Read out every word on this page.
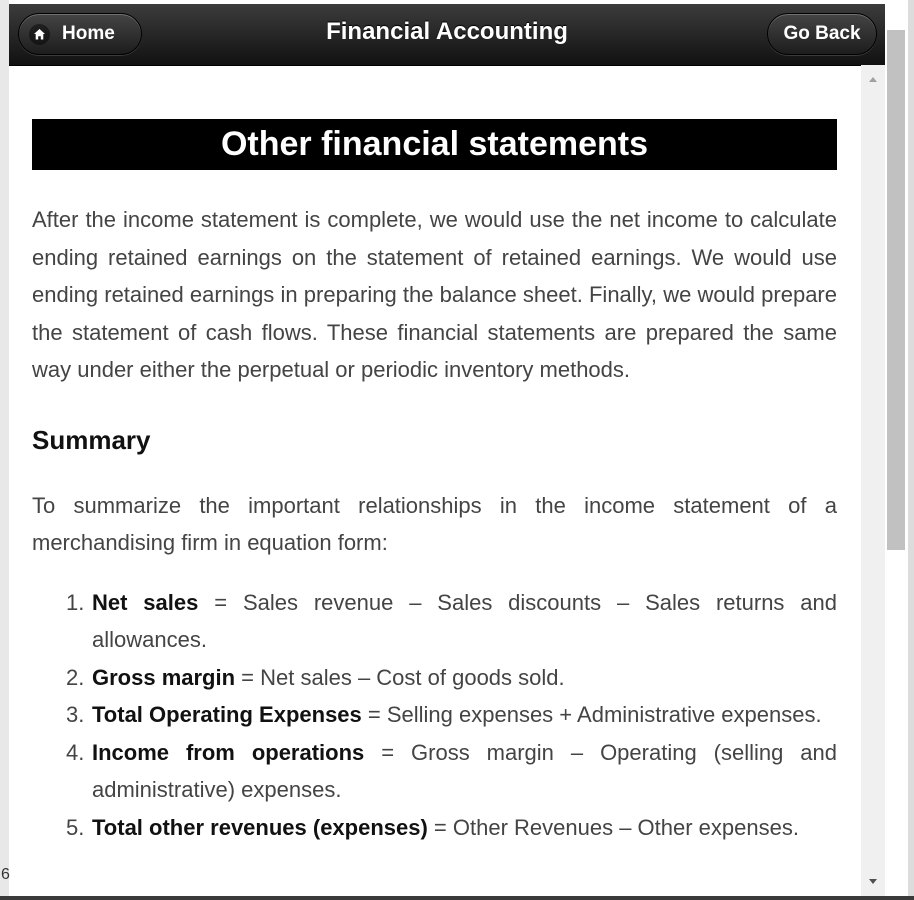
6
Financial Accounting
Home	Go Back
Other financial statements

After the income statement is complete, we would use the net income to calculate ending retained earnings on the statement of retained earnings. We would use ending retained earnings in preparing the balance sheet. Finally, we would prepare the statement of cash flows. These financial statements are prepared the same way under either the perpetual or periodic inventory methods.

Summary

To summarize the important relationships in the income statement of a merchandising firm in equation form:

1. Net sales = Sales revenue – Sales discounts – Sales returns and allowances.
2. Gross margin = Net sales – Cost of goods sold.
3. Total Operating Expenses = Selling expenses + Administrative expenses.
4. Income from operations = Gross margin – Operating (selling and administrative) expenses.
5. Total other revenues (expenses) = Other Revenues – Other expenses.
